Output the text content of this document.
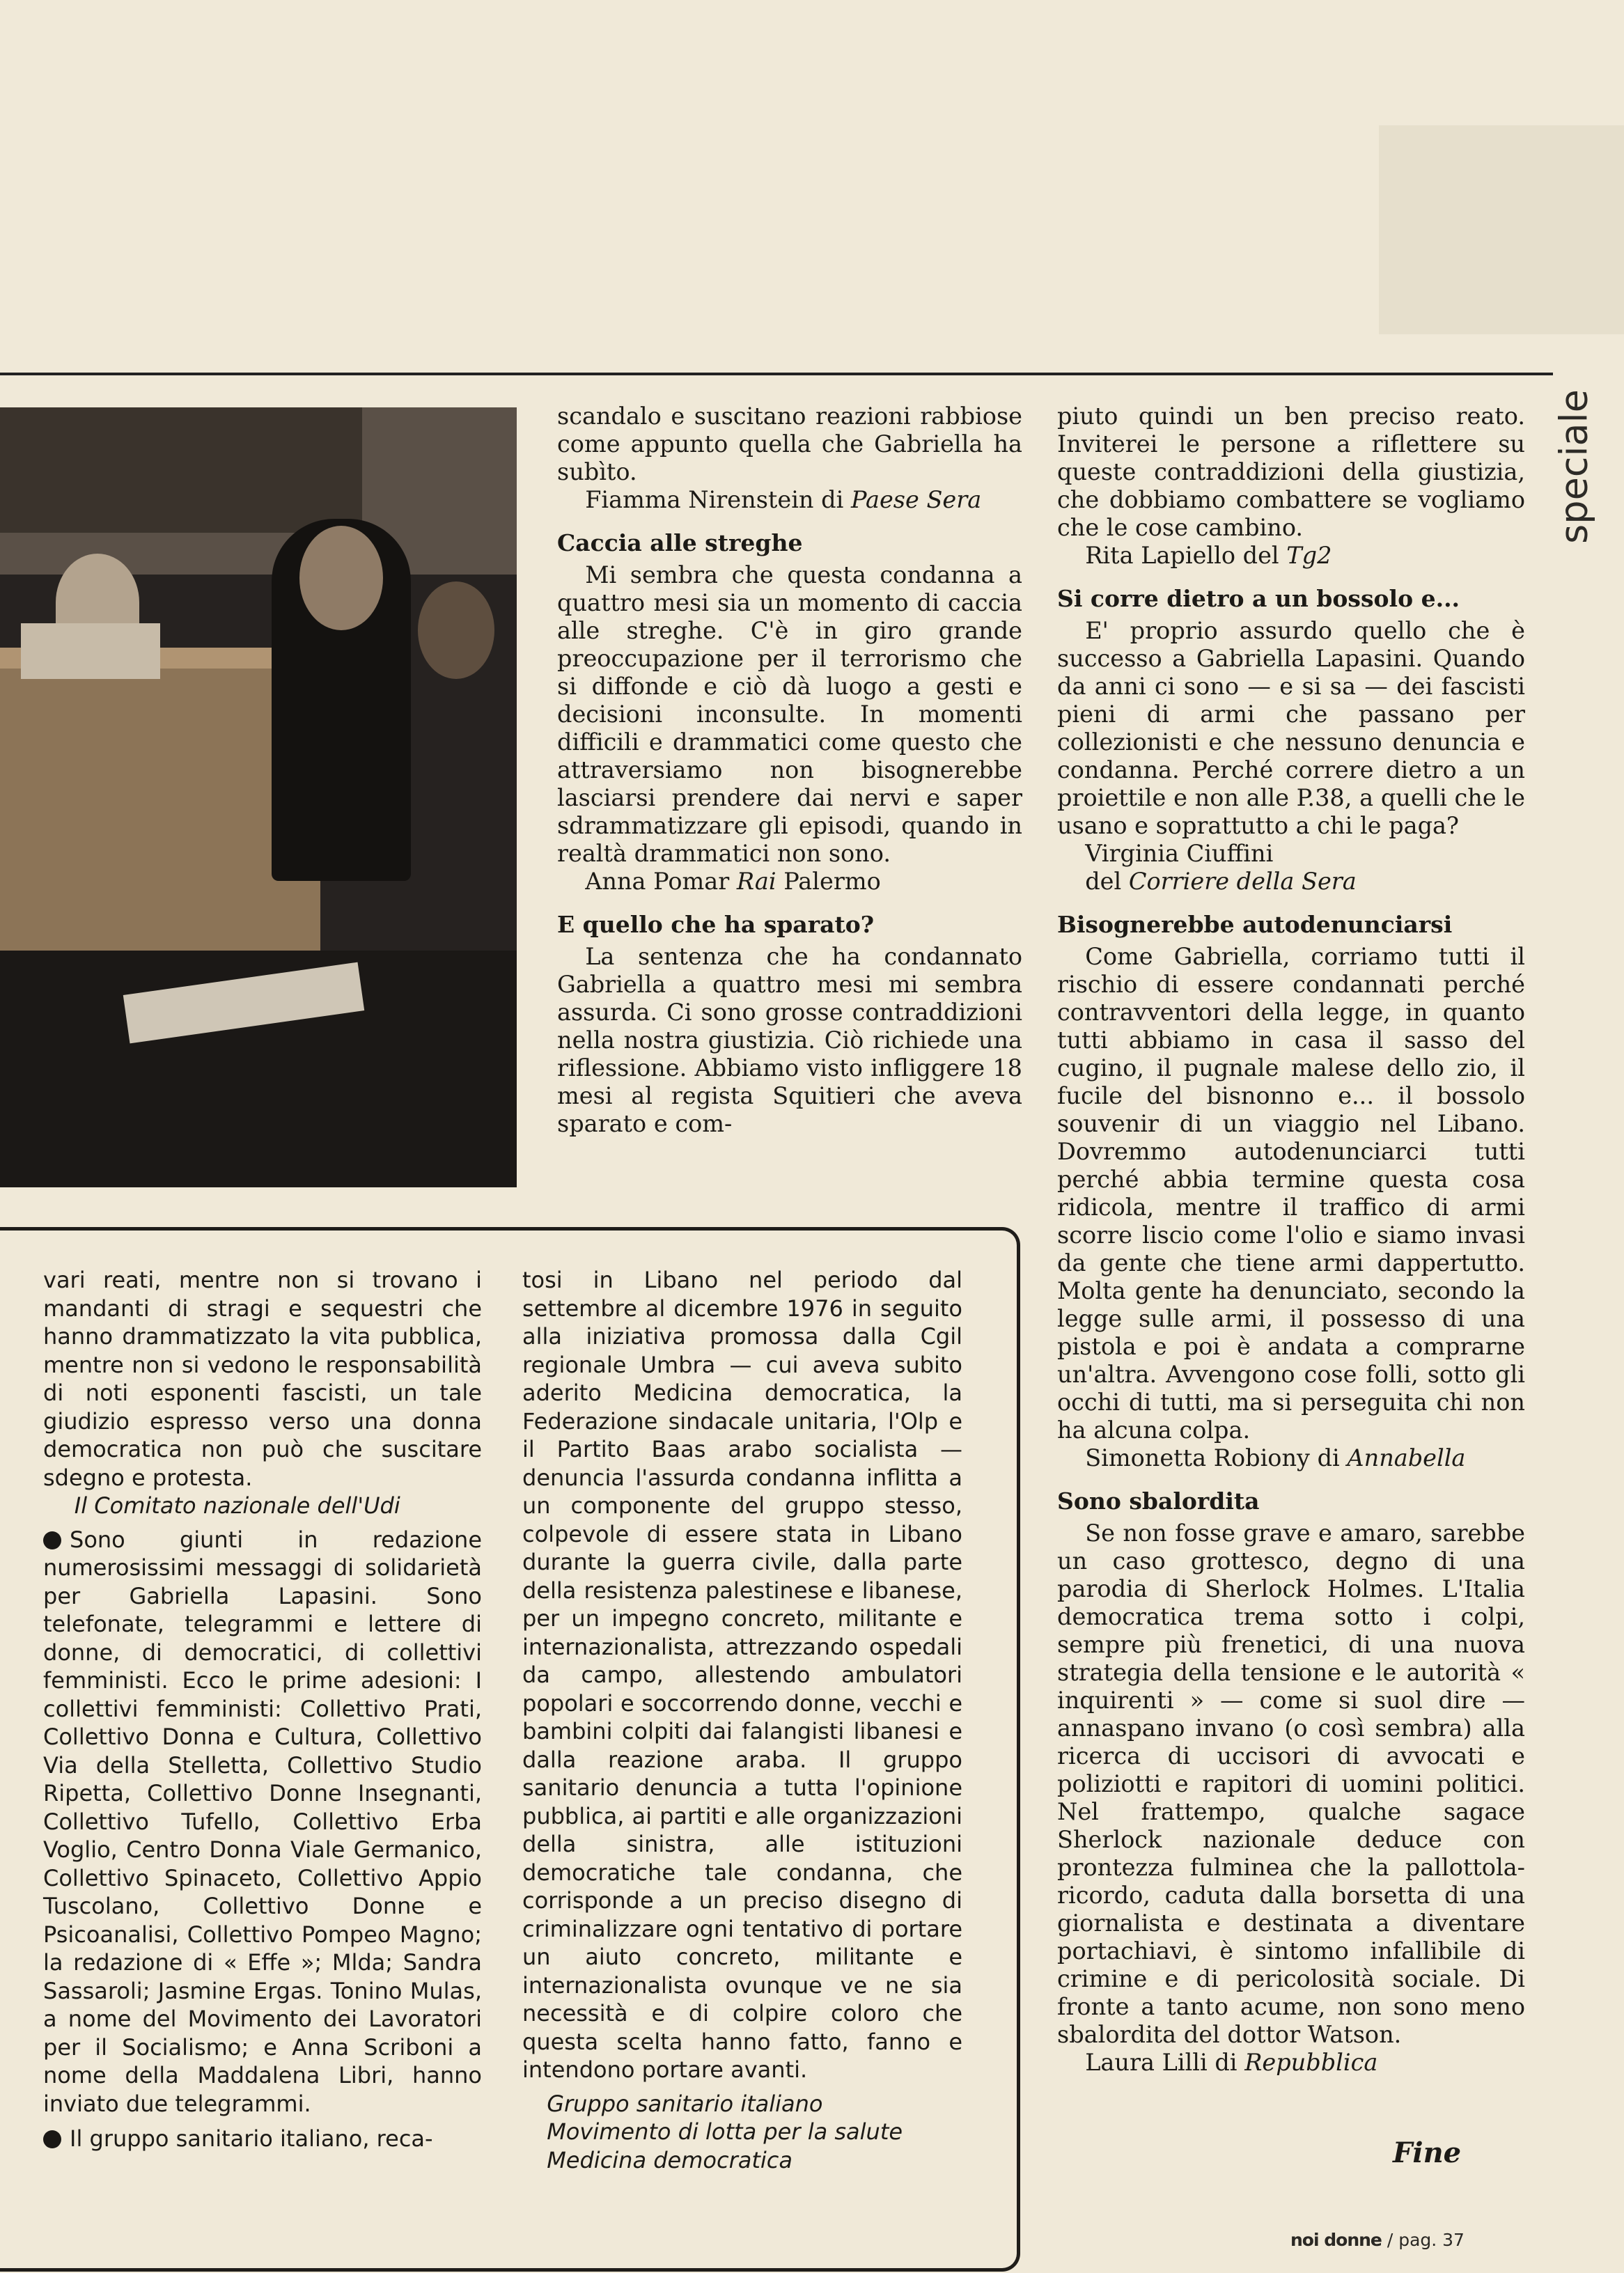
speciale

scandalo e suscitano reazioni rabbiose come appunto quella che Gabriella ha subìto.

Fiamma Nirenstein di Paese Sera

Caccia alle streghe

Mi sembra che questa condanna a quattro mesi sia un momento di caccia alle streghe. C'è in giro grande preoccupazione per il terrorismo che si diffonde e ciò dà luogo a gesti e decisioni inconsulte. In momenti difficili e drammatici come questo che attraversiamo non bisognerebbe lasciarsi prendere dai nervi e saper sdrammatizzare gli episodi, quando in realtà drammatici non sono.

Anna Pomar Rai Palermo

E quello che ha sparato?

La sentenza che ha condannato Gabriella a quattro mesi mi sembra assurda. Ci sono grosse contraddizioni nella nostra giustizia. Ciò richiede una riflessione. Abbiamo visto infliggere 18 mesi al regista Squitieri che aveva sparato e com-

piuto quindi un ben preciso reato. Inviterei le persone a riflettere su queste contraddizioni della giustizia, che dobbiamo combattere se vogliamo che le cose cambino.

Rita Lapiello del Tg2

Si corre dietro a un bossolo e...

E' proprio assurdo quello che è successo a Gabriella Lapasini. Quando da anni ci sono — e si sa — dei fascisti pieni di armi che passano per collezionisti e che nessuno denuncia e condanna. Perché correre dietro a un proiettile e non alle P.38, a quelli che le usano e soprattutto a chi le paga?

Virginia Ciuffini

del Corriere della Sera

Bisognerebbe autodenunciarsi

Come Gabriella, corriamo tutti il rischio di essere condannati perché contravventori della legge, in quanto tutti abbiamo in casa il sasso del cugino, il pugnale malese dello zio, il fucile del bisnonno e... il bossolo souvenir di un viaggio nel Libano. Dovremmo autodenunciarci tutti perché abbia termine questa cosa ridicola, mentre il traffico di armi scorre liscio come l'olio e siamo invasi da gente che tiene armi dappertutto. Molta gente ha denunciato, secondo la legge sulle armi, il possesso di una pistola e poi è andata a comprarne un'altra. Avvengono cose folli, sotto gli occhi di tutti, ma si perseguita chi non ha alcuna colpa.

Simonetta Robiony di Annabella

Sono sbalordita

Se non fosse grave e amaro, sarebbe un caso grottesco, degno di una parodia di Sherlock Holmes. L'Italia democratica trema sotto i colpi, sempre più frenetici, di una nuova strategia della tensione e le autorità « inquirenti » — come si suol dire — annaspano invano (o così sembra) alla ricerca di uccisori di avvocati e poliziotti e rapitori di uomini politici. Nel frattempo, qualche sagace Sherlock nazionale deduce con prontezza fulminea che la pallottola-ricordo, caduta dalla borsetta di una giornalista e destinata a diventare portachiavi, è sintomo infallibile di crimine e di pericolosità sociale. Di fronte a tanto acume, non sono meno sbalordita del dottor Watson.

Laura Lilli di Repubblica

Fine

vari reati, mentre non si trovano i mandanti di stragi e sequestri che hanno drammatizzato la vita pubblica, mentre non si vedono le responsabilità di noti esponenti fascisti, un tale giudizio espresso verso una donna democratica non può che suscitare sdegno e protesta.

Il Comitato nazionale dell'Udi

Sono giunti in redazione numerosissimi messaggi di solidarietà per Gabriella Lapasini. Sono telefonate, telegrammi e lettere di donne, di democratici, di collettivi femministi. Ecco le prime adesioni: I collettivi femministi: Collettivo Prati, Collettivo Donna e Cultura, Collettivo Via della Stelletta, Collettivo Studio Ripetta, Collettivo Donne Insegnanti, Collettivo Tufello, Collettivo Erba Voglio, Centro Donna Viale Germanico, Collettivo Spinaceto, Collettivo Appio Tuscolano, Collettivo Donne e Psicoanalisi, Collettivo Pompeo Magno; la redazione di « Effe »; Mlda; Sandra Sassaroli; Jasmine Ergas. Tonino Mulas, a nome del Movimento dei Lavoratori per il Socialismo; e Anna Scriboni a nome della Maddalena Libri, hanno inviato due telegrammi.

Il gruppo sanitario italiano, reca-

tosi in Libano nel periodo dal settembre al dicembre 1976 in seguito alla iniziativa promossa dalla Cgil regionale Umbra — cui aveva subito aderito Medicina democratica, la Federazione sindacale unitaria, l'Olp e il Partito Baas arabo socialista — denuncia l'assurda condanna inflitta a un componente del gruppo stesso, colpevole di essere stata in Libano durante la guerra civile, dalla parte della resistenza palestinese e libanese, per un impegno concreto, militante e internazionalista, attrezzando ospedali da campo, allestendo ambulatori popolari e soccorrendo donne, vecchi e bambini colpiti dai falangisti libanesi e dalla reazione araba. Il gruppo sanitario denuncia a tutta l'opinione pubblica, ai partiti e alle organizzazioni della sinistra, alle istituzioni democratiche tale condanna, che corrisponde a un preciso disegno di criminalizzare ogni tentativo di portare un aiuto concreto, militante e internazionalista ovunque ve ne sia necessità e di colpire coloro che questa scelta hanno fatto, fanno e intendono portare avanti.

Gruppo sanitario italiano

Movimento di lotta per la salute

Medicina democratica

noi donne / pag. 37
